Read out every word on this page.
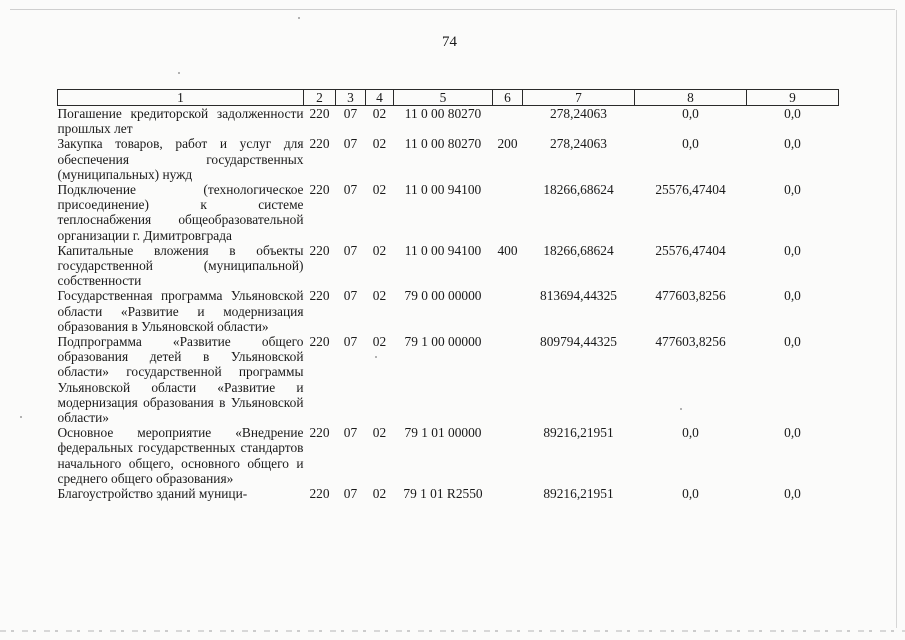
74
1	2	3	4	5	6	7	8	9
Погашение кредиторской задолженности прошлых лет	220	07	02	11 0 00 80270		278,24063	0,0	0,0
Закупка товаров, работ и услуг для обеспечения государственных (муниципальных) нужд	220	07	02	11 0 00 80270	200	278,24063	0,0	0,0
Подключение (технологическое присоединение) к системе теплоснабжения общеобразовательной организации г. Димитровграда	220	07	02	11 0 00 94100		18266,68624	25576,47404	0,0
Капитальные вложения в объекты государственной (муниципальной) собственности	220	07	02	11 0 00 94100	400	18266,68624	25576,47404	0,0
Государственная программа Ульяновской области «Развитие и модернизация образования в Ульяновской области»	220	07	02	79 0 00 00000		813694,44325	477603,8256	0,0
Подпрограмма «Развитие общего образования детей в Ульяновской области» государственной программы Ульяновской области «Развитие и модернизация образования в Ульяновской области»	220	07	02	79 1 00 00000		809794,44325	477603,8256	0,0
Основное мероприятие «Внедрение федеральных государственных стандартов начального общего, основного общего и среднего общего образования»	220	07	02	79 1 01 00000		89216,21951	0,0	0,0
Благоустройство зданий муници-	220	07	02	79 1 01 R2550		89216,21951	0,0	0,0
